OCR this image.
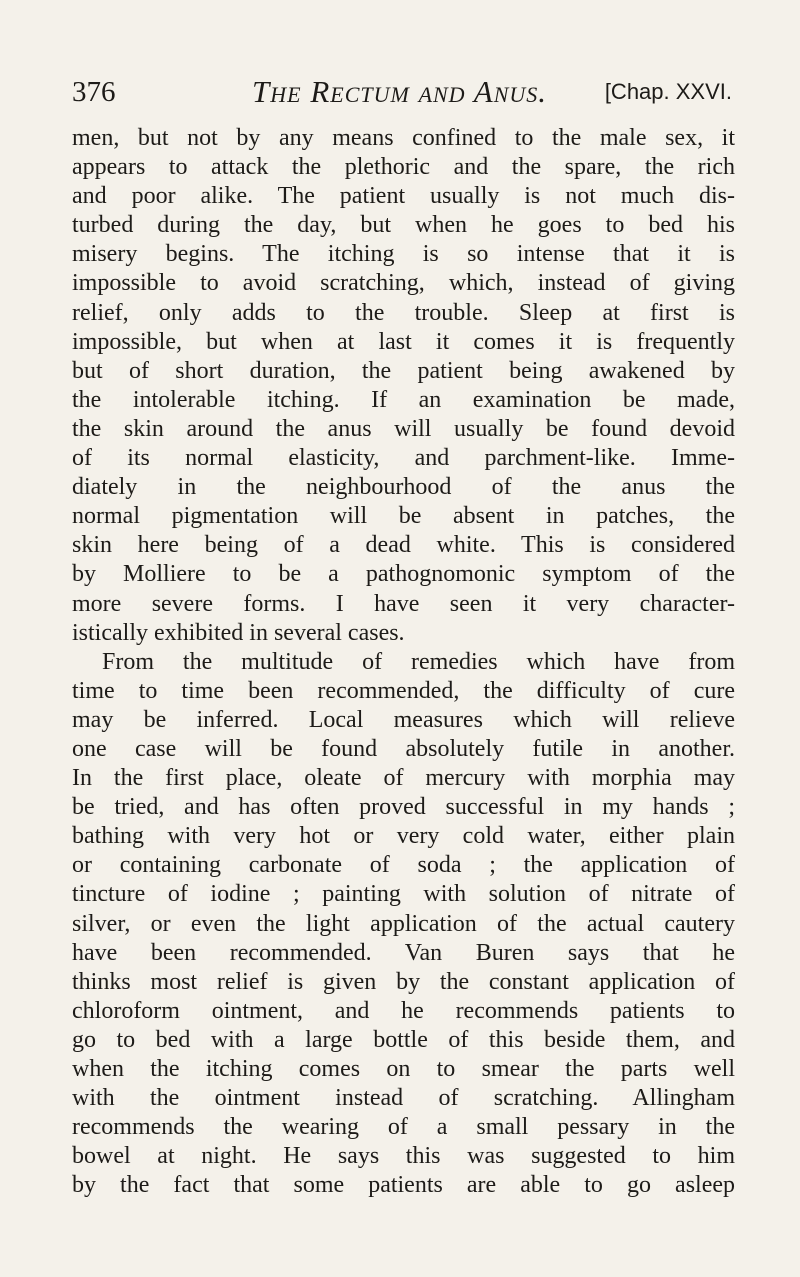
376	The Rectum and Anus.	[Chap. XXVI.
men, but not by any means confined to the male sex, it
appears to attack the plethoric and the spare, the rich
and poor alike. The patient usually is not much dis-
turbed during the day, but when he goes to bed his
misery begins. The itching is so intense that it is
impossible to avoid scratching, which, instead of giving
relief, only adds to the trouble. Sleep at first is
impossible, but when at last it comes it is frequently
but of short duration, the patient being awakened by
the intolerable itching. If an examination be made,
the skin around the anus will usually be found devoid
of its normal elasticity, and parchment-like. Imme-
diately in the neighbourhood of the anus the
normal pigmentation will be absent in patches, the
skin here being of a dead white. This is considered
by Molliere to be a pathognomonic symptom of the
more severe forms. I have seen it very character-
istically exhibited in several cases.
From the multitude of remedies which have from
time to time been recommended, the difficulty of cure
may be inferred. Local measures which will relieve
one case will be found absolutely futile in another.
In the first place, oleate of mercury with morphia may
be tried, and has often proved successful in my hands ;
bathing with very hot or very cold water, either plain
or containing carbonate of soda ; the application of
tincture of iodine ; painting with solution of nitrate of
silver, or even the light application of the actual cautery
have been recommended. Van Buren says that he
thinks most relief is given by the constant application of
chloroform ointment, and he recommends patients to
go to bed with a large bottle of this beside them, and
when the itching comes on to smear the parts well
with the ointment instead of scratching. Allingham
recommends the wearing of a small pessary in the
bowel at night. He says this was suggested to him
by the fact that some patients are able to go asleep
